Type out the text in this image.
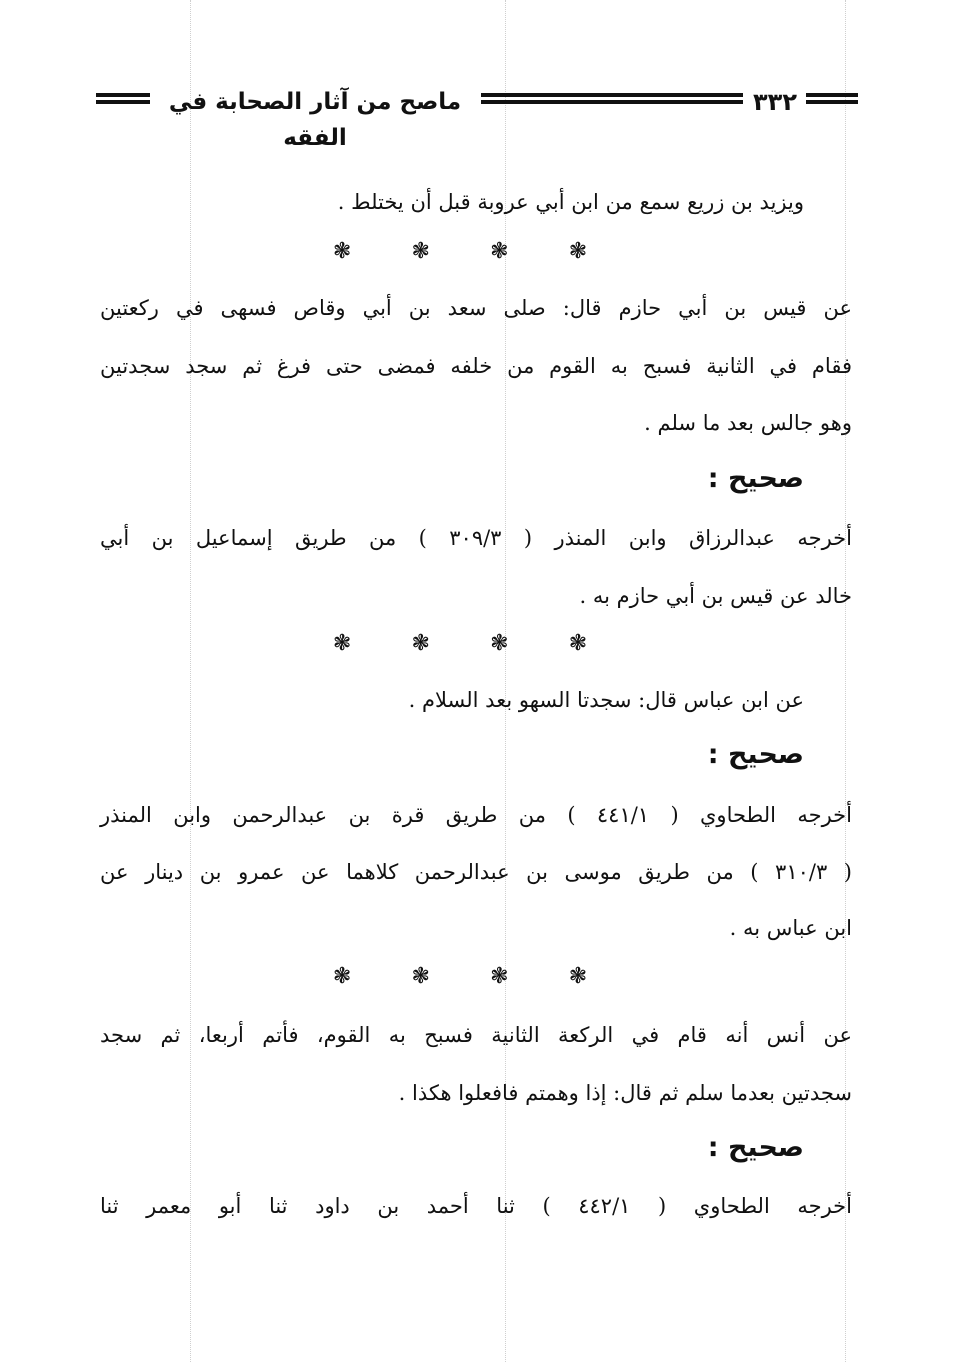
ماصح من آثار الصحابة في الفقه
٣٣٢
ويزيد بن زريع سمع من ابن أبي عروبة قبل أن يختلط .
❃
❃
❃
❃
عن قيس بن أبي حازم قال: صلى سعد بن أبي وقاص فسهى في ركعتين
فقام في الثانية فسبح به القوم من خلفه فمضى حتى فرغ ثم سجد سجدتين
وهو جالس بعد ما سلم .
صحيح :
أخرجه عبدالرزاق وابن المنذر ( ٣٠٩/٣ ) من طريق إسماعيل بن أبي
خالد عن قيس بن أبي حازم به .
❃
❃
❃
❃
عن ابن عباس قال: سجدتا السهو بعد السلام .
صحيح :
أخرجه الطحاوي ( ٤٤١/١ ) من طريق قرة بن عبدالرحمن وابن المنذر
( ٣١٠/٣ ) من طريق موسى بن عبدالرحمن كلاهما عن عمرو بن دينار عن
ابن عباس به .
❃
❃
❃
❃
عن أنس أنه قام في الركعة الثانية فسبح به القوم، فأتم أربعا، ثم سجد
سجدتين بعدما سلم ثم قال: إذا وهمتم فافعلوا هكذا .
صحيح :
أخرجه الطحاوي ( ٤٤٢/١ ) ثنا أحمد بن داود ثنا أبو معمر ثنا
